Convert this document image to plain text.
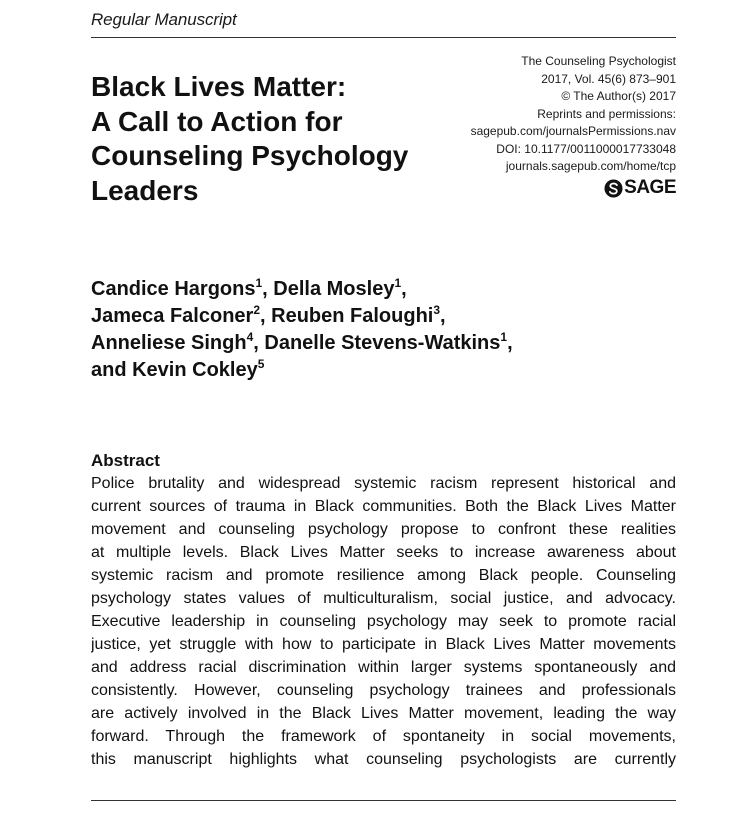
Regular Manuscript
Black Lives Matter:
A Call to Action for
Counseling Psychology
Leaders
The Counseling Psychologist
2017, Vol. 45(6) 873–901
© The Author(s) 2017
Reprints and permissions:
sagepub.com/journalsPermissions.nav
DOI: 10.1177/0011000017733048
journals.sagepub.com/home/tcp
SAGE
Candice Hargons$^1$, Della Mosley$^1$,
Jameca Falconer$^2$, Reuben Faloughi$^3$,
Anneliese Singh$^4$, Danelle Stevens-Watkins$^1$,
and Kevin Cokley$^5$
Abstract
Police brutality and widespread systemic racism represent historical and
current sources of trauma in Black communities. Both the Black Lives Matter
movement and counseling psychology propose to confront these realities
at multiple levels. Black Lives Matter seeks to increase awareness about
systemic racism and promote resilience among Black people. Counseling
psychology states values of multiculturalism, social justice, and advocacy.
Executive leadership in counseling psychology may seek to promote racial
justice, yet struggle with how to participate in Black Lives Matter movements
and address racial discrimination within larger systems spontaneously and
consistently. However, counseling psychology trainees and professionals
are actively involved in the Black Lives Matter movement, leading the way
forward. Through the framework of spontaneity in social movements,
this manuscript highlights what counseling psychologists are currently
